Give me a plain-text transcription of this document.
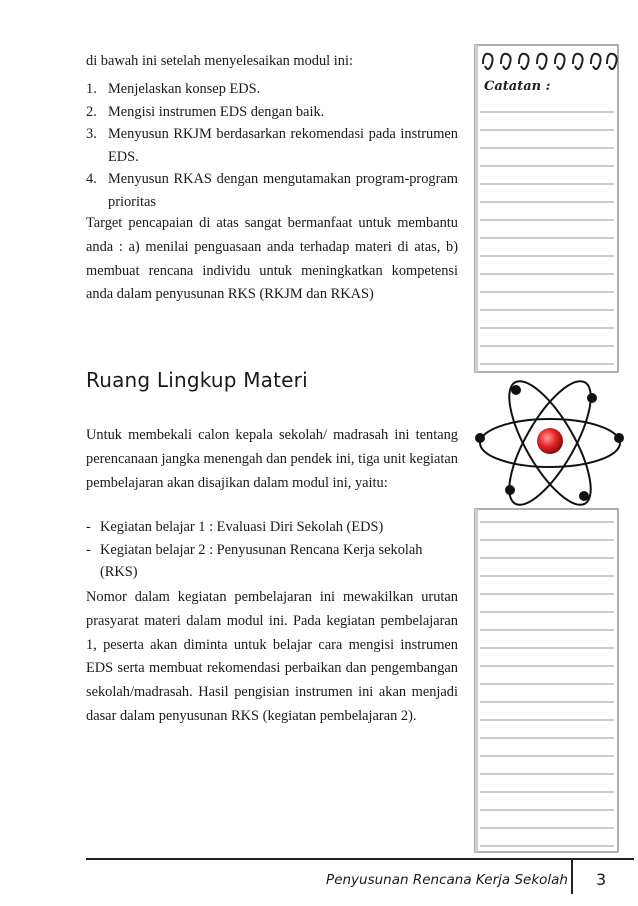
di bawah ini setelah menyelesaikan modul ini:

1. Menjelaskan konsep EDS.
2. Mengisi instrumen EDS dengan baik.
3. Menyusun RKJM berdasarkan rekomendasi pada instrumen EDS.
4. Menyusun RKAS dengan mengutamakan program-program prioritas

Target pencapaian di atas sangat bermanfaat untuk membantu anda : a) menilai penguasaan anda terhadap materi di atas, b) membuat rencana individu untuk meningkatkan kompetensi anda dalam penyusunan RKS (RKJM dan RKAS)

Ruang Lingkup Materi

Untuk membekali calon kepala sekolah/ madrasah ini tentang perencanaan jangka menengah dan pendek ini, tiga unit kegiatan pembelajaran akan disajikan dalam modul ini, yaitu:

- Kegiatan belajar 1 : Evaluasi Diri Sekolah (EDS)
- Kegiatan belajar 2 : Penyusunan Rencana Kerja sekolah (RKS)

Nomor dalam kegiatan pembelajaran ini mewakilkan urutan prasyarat materi dalam modul ini. Pada kegiatan pembelajaran 1, peserta akan diminta untuk belajar cara mengisi instrumen EDS serta membuat rekomendasi perbaikan dan pengembangan sekolah/madrasah. Hasil pengisian instrumen ini akan menjadi dasar dalam penyusunan RKS (kegiatan pembelajaran 2).

Catatan :
Penyusunan Rencana Kerja Sekolah 3
